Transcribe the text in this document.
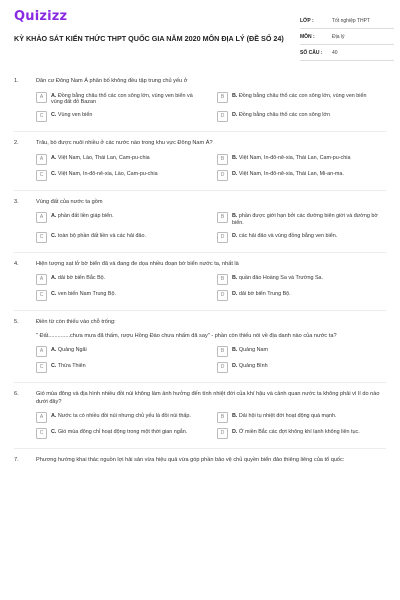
Quizizz
KỲ KHẢO SÁT KIẾN THỨC THPT QUỐC GIA NĂM 2020 MÔN ĐỊA LÝ (ĐỀ SỐ 24)
LỚP :	Tốt nghiệp THPT
MÔN :	Địa lý
SỐ CÂU :	40
1.	Dân cư Đông Nam Á phân bố không đều tập trung chủ yếu ở
A	A. Đồng bằng châu thổ các con sông lớn, vùng ven biển và vùng đất đỏ Bazan
B	B. Đồng bằng châu thổ các con sông lớn, vùng ven biển
C	C. Vùng ven biển	D	D. Đồng bằng châu thổ các con sông lớn
2.	Trâu, bò được nuôi nhiều ở các nước nào trong khu vực Đông Nam Á?
A	A. Việt Nam, Lào, Thái Lan, Cam-pu-chia	B	B. Việt Nam, In-đô-nê-xia, Thái Lan, Cam-pu-chia
C	C. Việt Nam, In-đô-nê-xia, Lào, Cam-pu-chia	D	D. Việt Nam, In-đô-nê-xia, Thái Lan, Mi-an-ma.
3.	Vùng đất của nước ta gồm
A	A. phần đất liền giáp biển.	B	B. phần được giới hạn bởi các đường biên giới và đường bờ biển.
C	C. toàn bộ phần đất liền và các hải đảo.	D	D. các hải đảo và vùng đồng bằng ven biển.
4.	Hiện tượng sạt lở bờ biển đã và đang đe dọa nhiều đoạn bờ biển nước ta, nhất là
A	A. dải bờ biển Bắc Bộ.	B	B. quần đảo Hoàng Sa và Trường Sa.
C	C. ven biển Nam Trung Bộ.	D	D. dải bờ biển Trung Bộ.
5.	Điền từ còn thiếu vào chỗ trống:
" Đất..............chưa mưa đã thấm, rượu Hồng Đào chưa nhấm đã say" - phần còn thiếu nói về địa danh nào của nước ta?
A	A. Quảng Ngãi	B	B. Quảng Nam
C	C. Thừa Thiên	D	D. Quảng Bình
6.	Gió mùa đông và địa hình nhiều đồi núi không làm ảnh hưởng đến tính nhiệt đới của khí hậu và cảnh quan nước ta không phải vì lí do nào dưới đây?
A	A. Nước ta có nhiều đồi núi nhưng chủ yếu là đồi núi thấp.	B	B. Dải hội tụ nhiệt đới hoạt động quá mạnh.
C	C. Gió mùa đông chỉ hoạt động trong một thời gian ngắn.	D	D. Ở miền Bắc các đợt không khí lạnh không liên tục.
7.	Phương hướng khai thác nguồn lợi hải sản vừa hiệu quả vừa góp phần bảo vệ chủ quyền biển đảo thiêng liêng của tổ quốc:
